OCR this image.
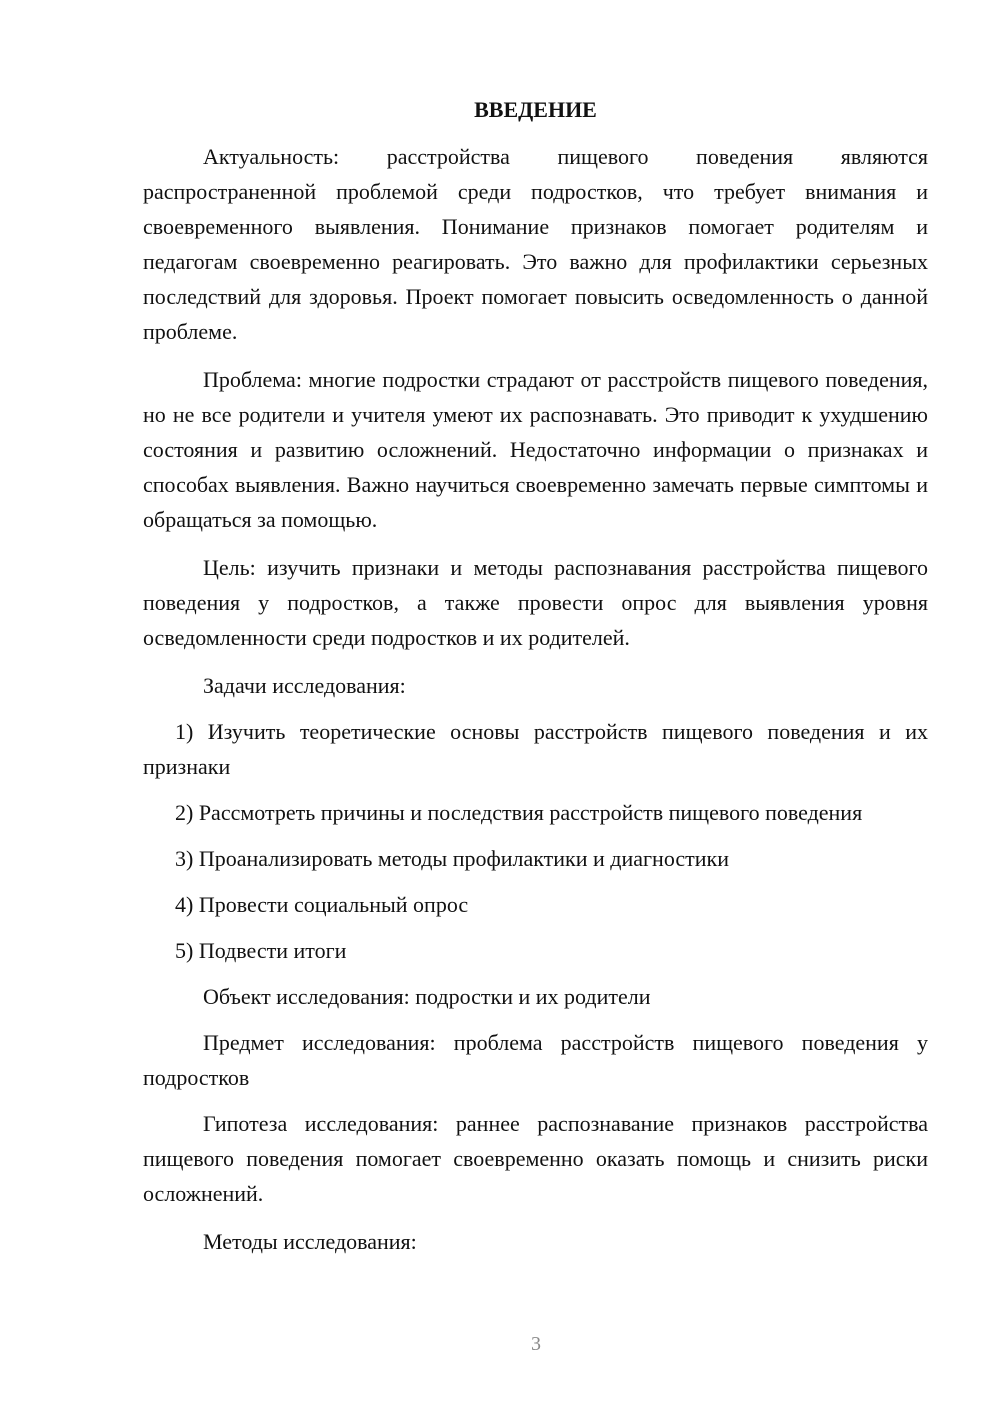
ВВЕДЕНИЕ

Актуальность: расстройства пищевого поведения являются распространенной проблемой среди подростков, что требует внимания и своевременного выявления. Понимание признаков помогает родителям и педагогам своевременно реагировать. Это важно для профилактики серьезных последствий для здоровья. Проект помогает повысить осведомленность о данной проблеме.

Проблема: многие подростки страдают от расстройств пищевого поведения, но не все родители и учителя умеют их распознавать. Это приводит к ухудшению состояния и развитию осложнений. Недостаточно информации о признаках и способах выявления. Важно научиться своевременно замечать первые симптомы и обращаться за помощью.

Цель: изучить признаки и методы распознавания расстройства пищевого поведения у подростков, а также провести опрос для выявления уровня осведомленности среди подростков и их родителей.

Задачи исследования:

1) Изучить теоретические основы расстройств пищевого поведения и их признаки

2) Рассмотреть причины и последствия расстройств пищевого поведения

3) Проанализировать методы профилактики и диагностики

4) Провести социальный опрос

5) Подвести итоги

Объект исследования: подростки и их родители

Предмет исследования: проблема расстройств пищевого поведения у подростков

Гипотеза исследования: раннее распознавание признаков расстройства пищевого поведения помогает своевременно оказать помощь и снизить риски осложнений.

Методы исследования:

3
